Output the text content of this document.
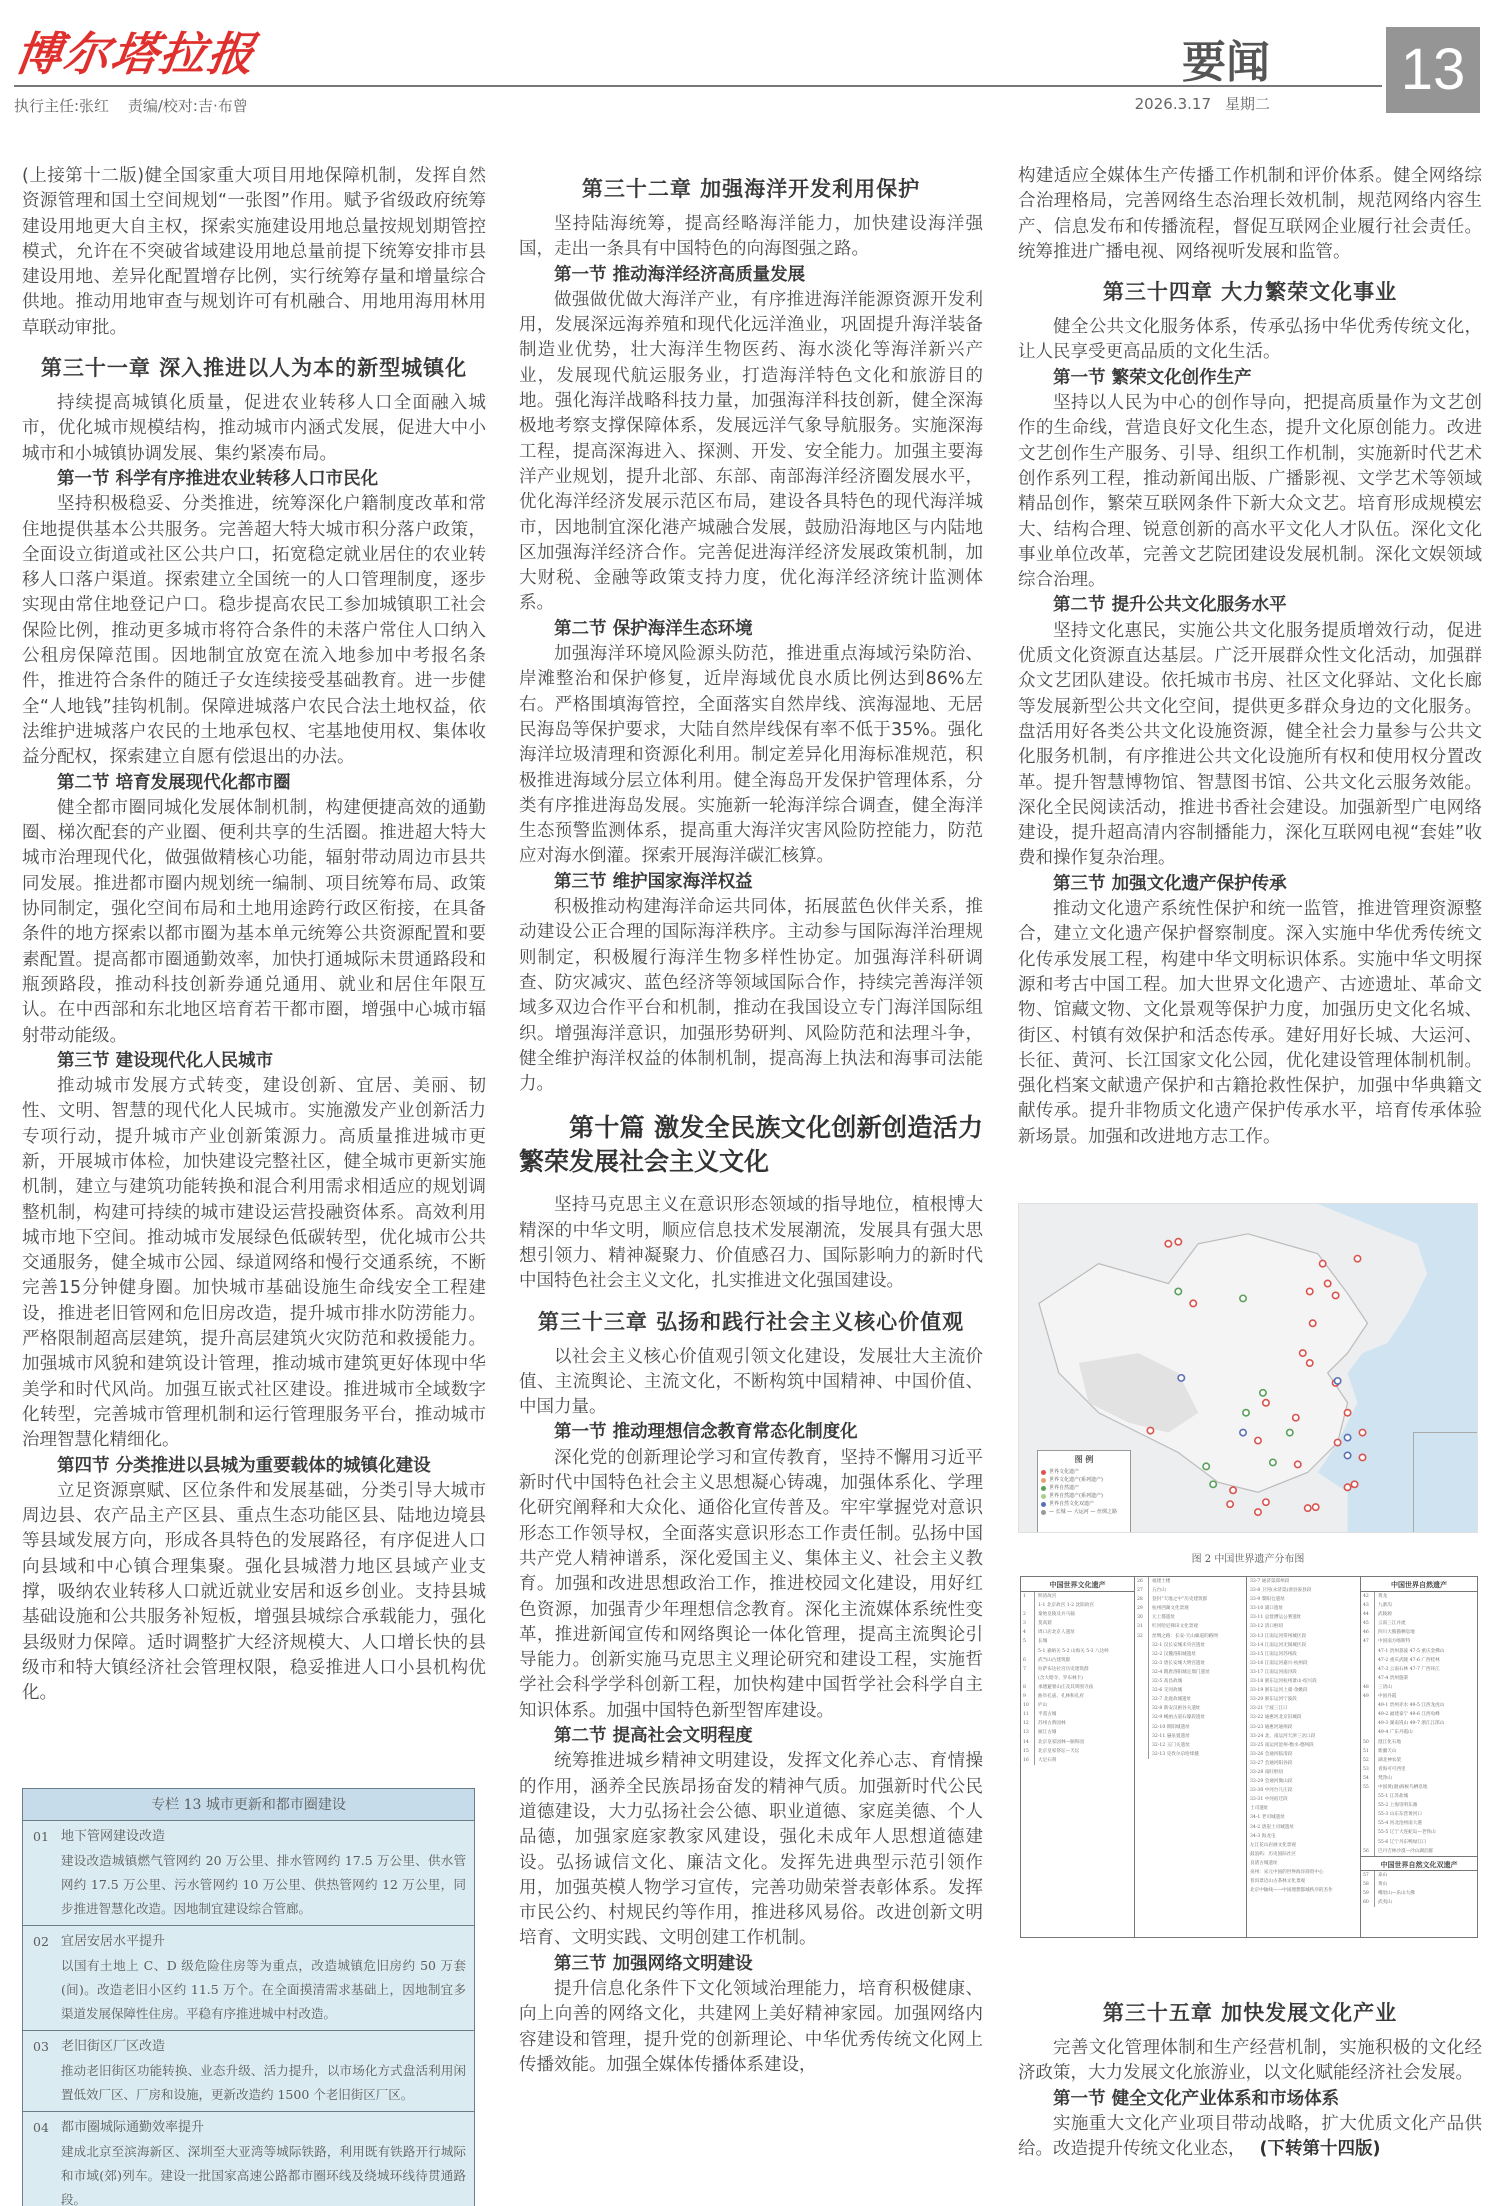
博尔塔拉报
执行主任:张红 责编/校对:吉·布曾
要闻
2026.3.17 星期二
13

(上接第十二版)健全国家重大项目用地保障机制，发挥自然资源管理和国土空间规划“一张图”作用。赋予省级政府统筹建设用地更大自主权，探索实施建设用地总量按规划期管控模式，允许在不突破省域建设用地总量前提下统筹安排市县建设用地、差异化配置增存比例，实行统筹存量和增量综合供地。推动用地审查与规划许可有机融合、用地用海用林用草联动审批。

第三十一章 深入推进以人为本的新型城镇化

持续提高城镇化质量，促进农业转移人口全面融入城市，优化城市规模结构，推动城市内涵式发展，促进大中小城市和小城镇协调发展、集约紧凑布局。

第一节 科学有序推进农业转移人口市民化

坚持积极稳妥、分类推进，统筹深化户籍制度改革和常住地提供基本公共服务。完善超大特大城市积分落户政策，全面设立街道或社区公共户口，拓宽稳定就业居住的农业转移人口落户渠道。探索建立全国统一的人口管理制度，逐步实现由常住地登记户口。稳步提高农民工参加城镇职工社会保险比例，推动更多城市将符合条件的未落户常住人口纳入公租房保障范围。因地制宜放宽在流入地参加中考报名条件，推进符合条件的随迁子女连续接受基础教育。进一步健全“人地钱”挂钩机制。保障进城落户农民合法土地权益，依法维护进城落户农民的土地承包权、宅基地使用权、集体收益分配权，探索建立自愿有偿退出的办法。

第二节 培育发展现代化都市圈

健全都市圈同城化发展体制机制，构建便捷高效的通勤圈、梯次配套的产业圈、便利共享的生活圈。推进超大特大城市治理现代化，做强做精核心功能，辐射带动周边市县共同发展。推进都市圈内规划统一编制、项目统筹布局、政策协同制定，强化空间布局和土地用途跨行政区衔接，在具备条件的地方探索以都市圈为基本单元统筹公共资源配置和要素配置。提高都市圈通勤效率，加快打通城际未贯通路段和瓶颈路段，推动科技创新券通兑通用、就业和居住年限互认。在中西部和东北地区培育若干都市圈，增强中心城市辐射带动能级。

第三节 建设现代化人民城市

推动城市发展方式转变，建设创新、宜居、美丽、韧性、文明、智慧的现代化人民城市。实施激发产业创新活力专项行动，提升城市产业创新策源力。高质量推进城市更新，开展城市体检，加快建设完整社区，健全城市更新实施机制，建立与建筑功能转换和混合利用需求相适应的规划调整机制，构建可持续的城市建设运营投融资体系。高效利用城市地下空间。推动城市发展绿色低碳转型，优化城市公共交通服务，健全城市公园、绿道网络和慢行交通系统，不断完善15分钟健身圈。加快城市基础设施生命线安全工程建设，推进老旧管网和危旧房改造，提升城市排水防涝能力。严格限制超高层建筑，提升高层建筑火灾防范和救援能力。加强城市风貌和建筑设计管理，推动城市建筑更好体现中华美学和时代风尚。加强互嵌式社区建设。推进城市全域数字化转型，完善城市管理机制和运行管理服务平台，推动城市治理智慧化精细化。

第四节 分类推进以县城为重要载体的城镇化建设

立足资源禀赋、区位条件和发展基础，分类引导大城市周边县、农产品主产区县、重点生态功能区县、陆地边境县等县域发展方向，形成各具特色的发展路径，有序促进人口向县域和中心镇合理集聚。强化县城潜力地区县域产业支撑，吸纳农业转移人口就近就业安居和返乡创业。支持县城基础设施和公共服务补短板，增强县城综合承载能力，强化县级财力保障。适时调整扩大经济规模大、人口增长快的县级市和特大镇经济社会管理权限，稳妥推进人口小县机构优化。

专栏 13 城市更新和都市圈建设
01 地下管网建设改造
建设改造城镇燃气管网约 20 万公里、排水管网约 17.5 万公里、供水管网约 17.5 万公里、污水管网约 10 万公里、供热管网约 12 万公里，同步推进智慧化改造。因地制宜建设综合管廊。
02 宜居安居水平提升
以国有土地上 C、D 级危险住房等为重点，改造城镇危旧房约 50 万套(间)。改造老旧小区约 11.5 万个。在全面摸清需求基础上，因地制宜多渠道发展保障性住房。平稳有序推进城中村改造。
03 老旧街区厂区改造
推动老旧街区功能转换、业态升级、活力提升，以市场化方式盘活利用闲置低效厂区、厂房和设施，更新改造约 1500 个老旧街区厂区。
04 都市圈城际通勤效率提升
建成北京至滨海新区、深圳至大亚湾等城际铁路，利用既有铁路开行城际和市域(郊)列车。建设一批国家高速公路都市圈环线及绕城环线待贯通路段。
第三十二章 加强海洋开发利用保护

坚持陆海统筹，提高经略海洋能力，加快建设海洋强国，走出一条具有中国特色的向海图强之路。

第一节 推动海洋经济高质量发展

做强做优做大海洋产业，有序推进海洋能源资源开发利用，发展深远海养殖和现代化远洋渔业，巩固提升海洋装备制造业优势，壮大海洋生物医药、海水淡化等海洋新兴产业，发展现代航运服务业，打造海洋特色文化和旅游目的地。强化海洋战略科技力量，加强海洋科技创新，健全深海极地考察支撑保障体系，发展远洋气象导航服务。实施深海工程，提高深海进入、探测、开发、安全能力。加强主要海洋产业规划，提升北部、东部、南部海洋经济圈发展水平，优化海洋经济发展示范区布局，建设各具特色的现代海洋城市，因地制宜深化港产城融合发展，鼓励沿海地区与内陆地区加强海洋经济合作。完善促进海洋经济发展政策机制，加大财税、金融等政策支持力度，优化海洋经济统计监测体系。

第二节 保护海洋生态环境

加强海洋环境风险源头防范，推进重点海域污染防治、岸滩整治和保护修复，近岸海域优良水质比例达到86%左右。严格围填海管控，全面落实自然岸线、滨海湿地、无居民海岛等保护要求，大陆自然岸线保有率不低于35%。强化海洋垃圾清理和资源化利用。制定差异化用海标准规范，积极推进海域分层立体利用。健全海岛开发保护管理体系，分类有序推进海岛发展。实施新一轮海洋综合调查，健全海洋生态预警监测体系，提高重大海洋灾害风险防控能力，防范应对海水倒灌。探索开展海洋碳汇核算。

第三节 维护国家海洋权益

积极推动构建海洋命运共同体，拓展蓝色伙伴关系，推动建设公正合理的国际海洋秩序。主动参与国际海洋治理规则制定，积极履行海洋生物多样性协定。加强海洋科研调查、防灾减灾、蓝色经济等领域国际合作，持续完善海洋领域多双边合作平台和机制，推动在我国设立专门海洋国际组织。增强海洋意识，加强形势研判、风险防范和法理斗争，健全维护海洋权益的体制机制，提高海上执法和海事司法能力。

第十篇 激发全民族文化创新创造活力 繁荣发展社会主义文化

坚持马克思主义在意识形态领域的指导地位，植根博大精深的中华文明，顺应信息技术发展潮流，发展具有强大思想引领力、精神凝聚力、价值感召力、国际影响力的新时代中国特色社会主义文化，扎实推进文化强国建设。

第三十三章 弘扬和践行社会主义核心价值观

以社会主义核心价值观引领文化建设，发展壮大主流价值、主流舆论、主流文化，不断构筑中国精神、中国价值、中国力量。

第一节 推动理想信念教育常态化制度化

深化党的创新理论学习和宣传教育，坚持不懈用习近平新时代中国特色社会主义思想凝心铸魂，加强体系化、学理化研究阐释和大众化、通俗化宣传普及。牢牢掌握党对意识形态工作领导权，全面落实意识形态工作责任制。弘扬中国共产党人精神谱系，深化爱国主义、集体主义、社会主义教育。加强和改进思想政治工作，推进校园文化建设，用好红色资源，加强青少年理想信念教育。深化主流媒体系统性变革，推进新闻宣传和网络舆论一体化管理，提高主流舆论引导能力。创新实施马克思主义理论研究和建设工程，实施哲学社会科学学科创新工程，加快构建中国哲学社会科学自主知识体系。加强中国特色新型智库建设。

第二节 提高社会文明程度

统筹推进城乡精神文明建设，发挥文化养心志、育情操的作用，涵养全民族昂扬奋发的精神气质。加强新时代公民道德建设，大力弘扬社会公德、职业道德、家庭美德、个人品德，加强家庭家教家风建设，强化未成年人思想道德建设。弘扬诚信文化、廉洁文化。发挥先进典型示范引领作用，加强英模人物学习宣传，完善功勋荣誉表彰体系。发挥市民公约、村规民约等作用，推进移风易俗。改进创新文明培育、文明实践、文明创建工作机制。

第三节 加强网络文明建设

提升信息化条件下文化领域治理能力，培育积极健康、向上向善的网络文化，共建网上美好精神家园。加强网络内容建设和管理，提升党的创新理论、中华优秀传统文化网上传播效能。加强全媒体传播体系建设，

构建适应全媒体生产传播工作机制和评价体系。健全网络综合治理格局，完善网络生态治理长效机制，规范网络内容生产、信息发布和传播流程，督促互联网企业履行社会责任。统筹推进广播电视、网络视听发展和监管。

第三十四章 大力繁荣文化事业

健全公共文化服务体系，传承弘扬中华优秀传统文化，让人民享受更高品质的文化生活。

第一节 繁荣文化创作生产

坚持以人民为中心的创作导向，把提高质量作为文艺创作的生命线，营造良好文化生态，提升文化原创能力。改进文艺创作生产服务、引导、组织工作机制，实施新时代艺术创作系列工程，推动新闻出版、广播影视、文学艺术等领域精品创作，繁荣互联网条件下新大众文艺。培育形成规模宏大、结构合理、锐意创新的高水平文化人才队伍。深化文化事业单位改革，完善文艺院团建设发展机制。深化文娱领域综合治理。

第二节 提升公共文化服务水平

坚持文化惠民，实施公共文化服务提质增效行动，促进优质文化资源直达基层。广泛开展群众性文化活动，加强群众文艺团队建设。依托城市书房、社区文化驿站、文化长廊等发展新型公共文化空间，提供更多群众身边的文化服务。盘活用好各类公共文化设施资源，健全社会力量参与公共文化服务机制，有序推进公共文化设施所有权和使用权分置改革。提升智慧博物馆、智慧图书馆、公共文化云服务效能。深化全民阅读活动，推进书香社会建设。加强新型广电网络建设，提升超高清内容制播能力，深化互联网电视“套娃”收费和操作复杂治理。

第三节 加强文化遗产保护传承

推动文化遗产系统性保护和统一监管，推进管理资源整合，建立文化遗产保护督察制度。深入实施中华优秀传统文化传承发展工程，构建中华文明标识体系。实施中华文明探源和考古中国工程。加大世界文化遗产、古迹遗址、革命文物、馆藏文物、文化景观等保护力度，加强历史文化名城、街区、村镇有效保护和活态传承。建好用好长城、大运河、长征、黄河、长江国家文化公园，优化建设管理体制机制。强化档案文献遗产保护和古籍抢救性保护，加强中华典籍文献传承。提升非物质文化遗产保护传承水平，培育传承体验新场景。加强和改进地方志工作。

图 例
世界文化遗产
世界文化遗产(系列遗产)
世界自然遗产
世界自然遗产(系列遗产)
世界自然文化双遗产
— 长城 — 大运河 — 丝绸之路
图 2 中国世界遗产分布图
中国世界文化遗产
1	明清故宫
1-1 北京故宫 1-2 沈阳故宫
2	秦始皇陵及兵马俑
3	莫高窟
4	周口店北京人遗址
5	长城
5-1 嘉峪关 5-2 山海关 5-3 八达岭
6	武当山古建筑群
7	拉萨布达拉宫历史建筑群
(含大昭寺、罗布林卡)
8	承德避暑山庄及其周围寺庙
9	曲阜孔庙、孔林和孔府
10	庐山
11	平遥古城
12	苏州古典园林
13	丽江古城
14	北京皇家园林—颐和园
15	北京皇家祭坛—天坛
16	大足石刻
26	福建土楼
27	五台山
28	登封“天地之中”历史建筑群
29	杭州西湖文化景观
30	元上都遗址
31	红河哈尼梯田文化景观
32	丝绸之路：长安-天山廊道的路网
32-1 汉长安城未央宫遗址
32-2 汉魏洛阳城遗址
32-3 唐长安城大明宫遗址
32-4 隋唐洛阳城定鼎门遗址
32-5 高昌故城
32-6 交河故城
32-7 北庭故城遗址
32-8 新安汉函谷关遗址
32-9 崤函古道石壕段遗址
32-10 锁阳城遗址
32-11 悬泉置遗址
32-12 玉门关遗址
32-13 克孜尔尕哈烽燧
33-7 通济渠郑州段
33-8 卫河(永济渠)滑县浚县段
33-9 黎阳仓遗址
33-10 浦口遗址
33-11 总督漕运公署遗址
33-12 清口枢纽
33-13 江南运河常州城区段
33-14 江南运河无锡城区段
33-15 江南运河苏州段
33-16 江南运河嘉兴-杭州段
33-17 江南运河南浔段
33-18 浙东运河杭州萧山-绍兴段
33-19 浙东运河上虞-余姚段
33-20 浙东运河宁波段
33-21 宁波三江口
33-22 通惠河北京旧城段
33-23 通惠河通州段
33-24 北、南运河天津三岔口段
33-25 南运河沧州-衡水-德州段
33-26 会通河临清段
33-27 会通河阳谷段
33-28 南旺枢纽
33-29 会通河微山段
33-30 中河台儿庄段
33-31 中河宿迁段
土司遗址
34-1 老司城遗址
34-2 唐崖土司城遗址
34-3 海龙屯
左江花山岩画文化景观
鼓浪屿：历史国际社区
良渚古城遗址
泉州：宋元中国的世界海洋商贸中心
普洱景迈山古茶林文化景观
北京中轴线——中国理想都城秩序的杰作
中国世界自然遗产
42	黄龙
43	九寨沟
44	武陵源
45	云南三江并流
46	四川大熊猫栖息地
47	中国南方喀斯特
47-1 贵州荔波 47-5 重庆金佛山
47-2 重庆武隆 47-6 广西桂林
47-3 云南石林 47-7 广西环江
47-4 贵州施秉
48	三清山
49	中国丹霞
49-1 贵州赤水 49-5 江西龙虎山
49-2 福建泰宁 49-6 江西龟峰
49-3 湖南崀山 49-7 浙江江郎山
49-4 广东丹霞山
50	澄江化石地
51	新疆天山
52	湖北神农架
53	青海可可西里
54	梵净山
55	中国黄(渤)海候鸟栖息地
55-1 江苏盐城
55-2 上海崇明东滩
55-3 山东东营黄河口
55-4 河北沧州南大港
55-5 辽宁大连蛇岛—老铁山
55-6 辽宁丹东鸭绿江口
56	巴丹吉林沙漠—沙山湖泊群
中国世界自然文化双遗产
57	泰山
58	黄山
59	峨眉山—乐山大佛
60	武夷山
第三十五章 加快发展文化产业

完善文化管理体制和生产经营机制，实施积极的文化经济政策，大力发展文化旅游业，以文化赋能经济社会发展。

第一节 健全文化产业体系和市场体系

实施重大文化产业项目带动战略，扩大优质文化产品供给。改造提升传统文化业态， (下转第十四版)
